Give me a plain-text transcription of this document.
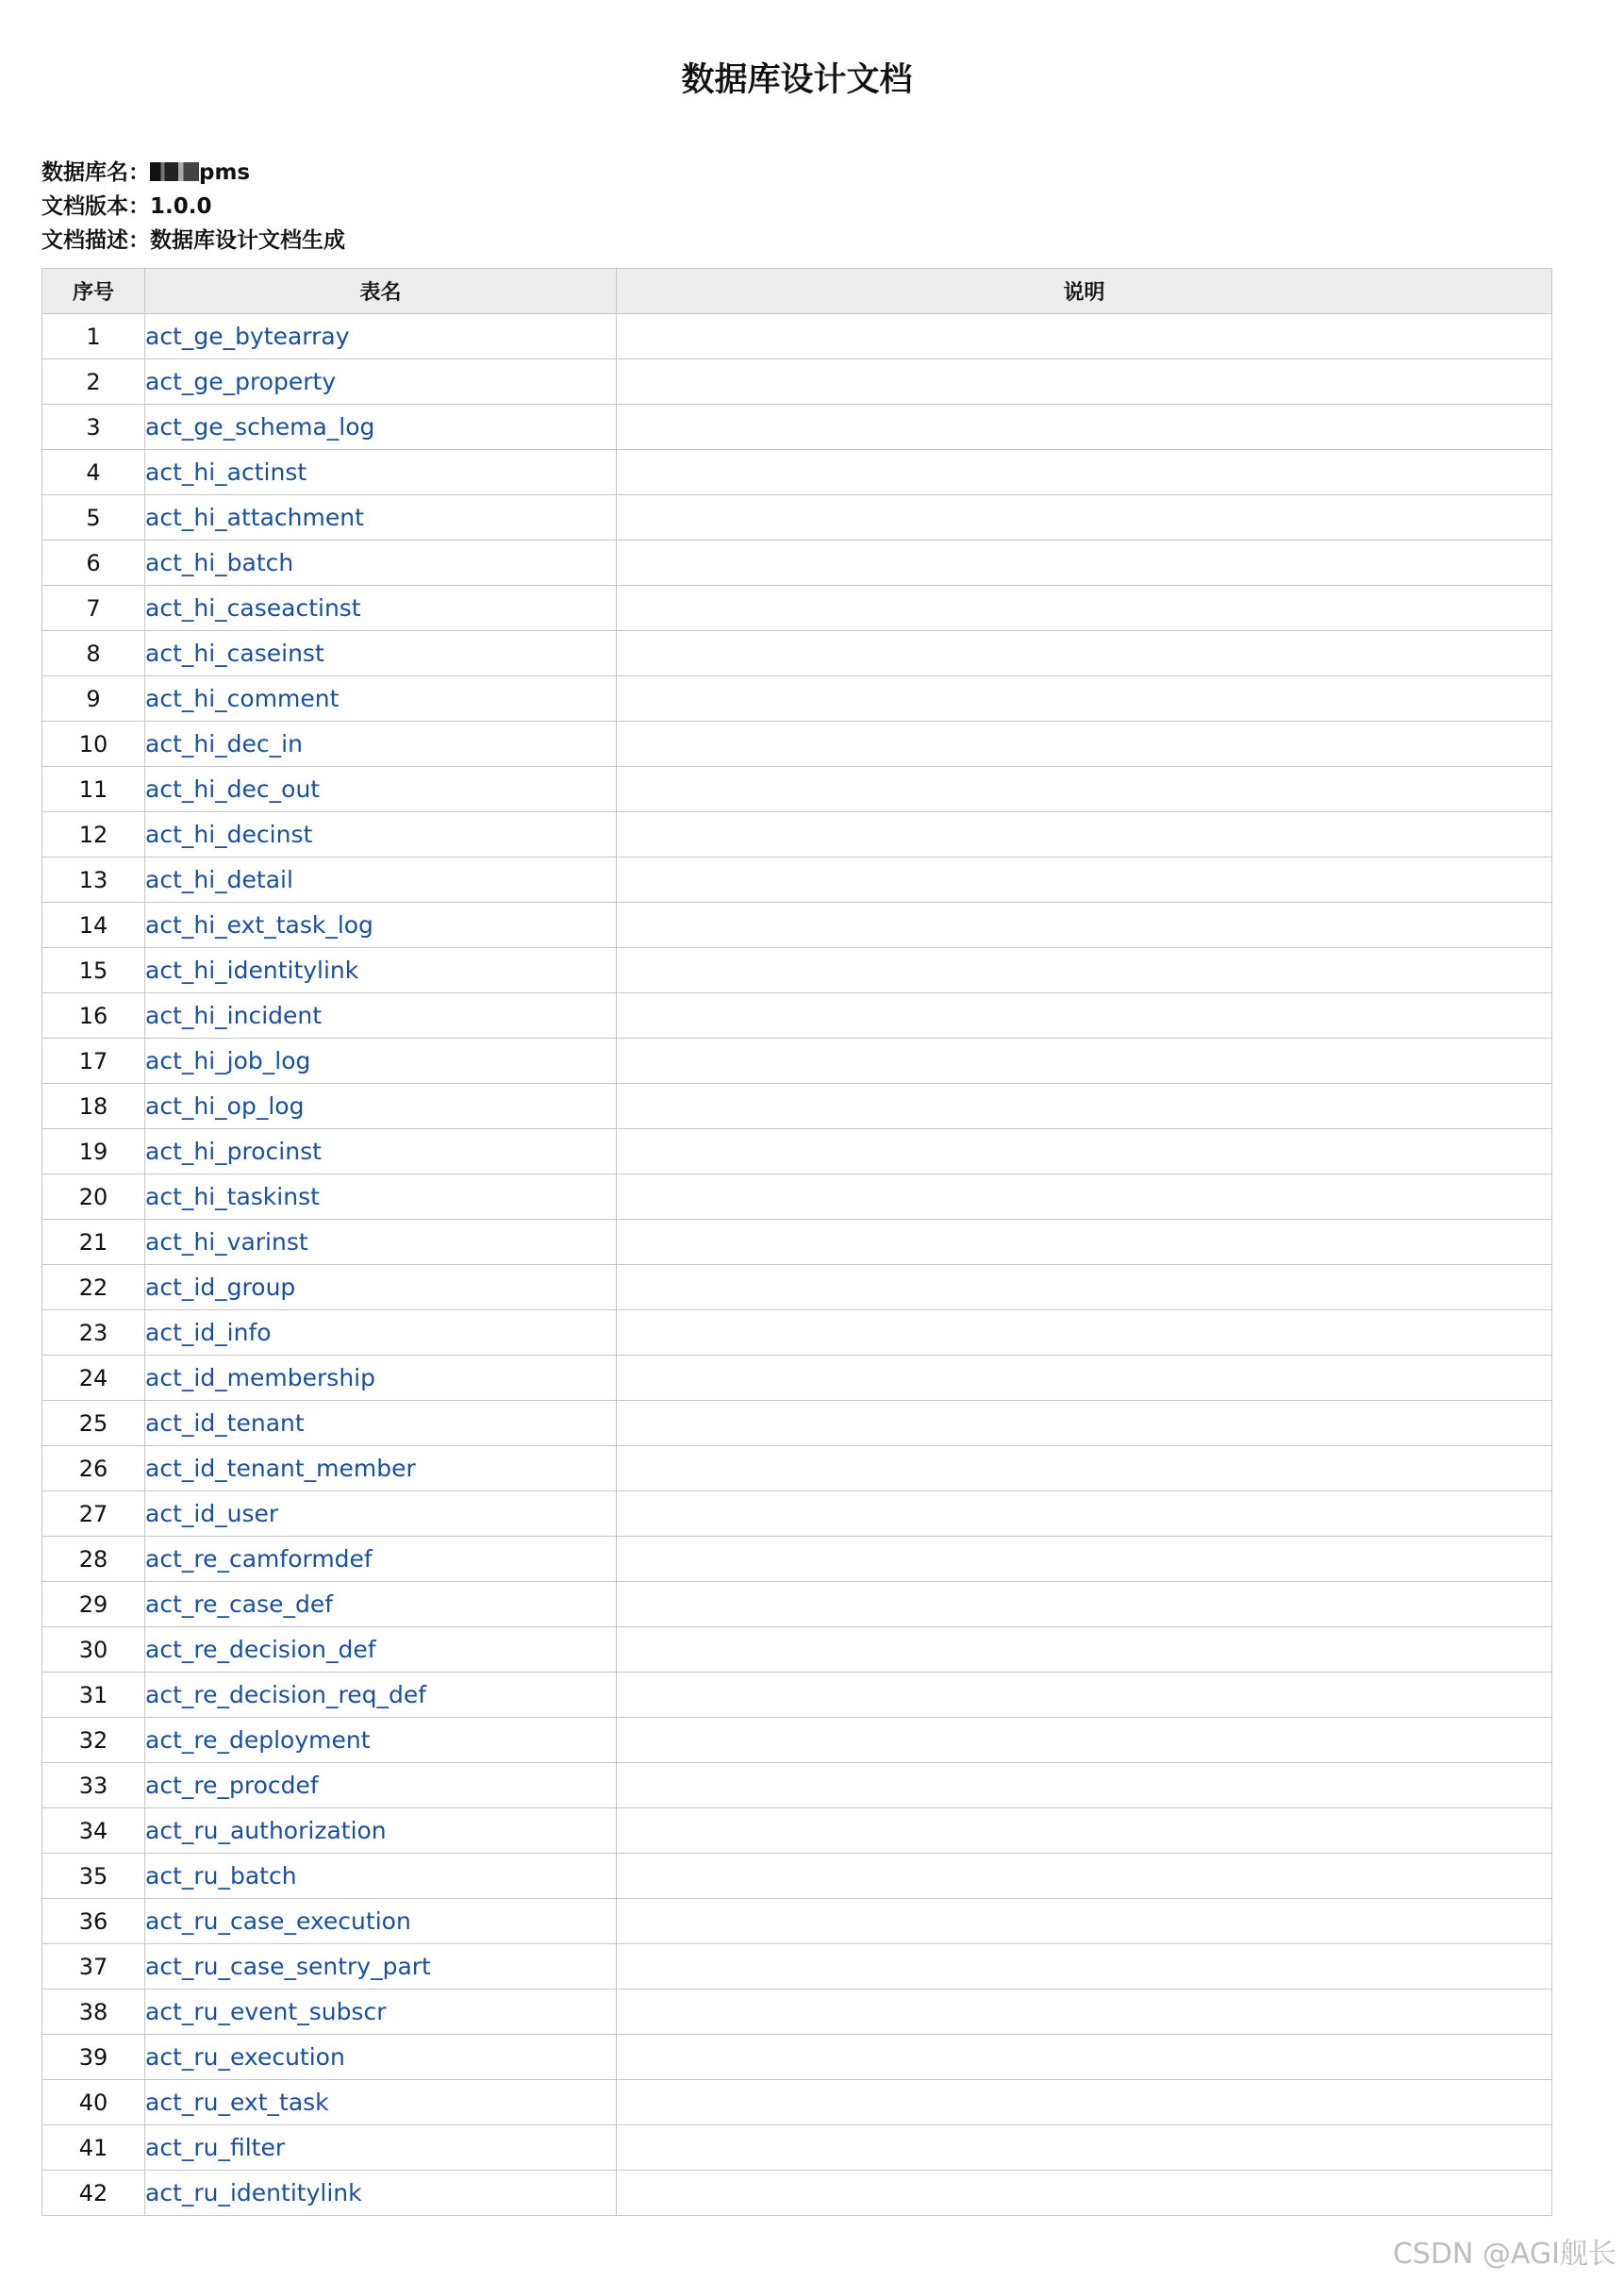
数据库设计文档
数据库名： pms
文档版本：1.0.0
文档描述：数据库设计文档生成
序号	表名	说明
1	act_ge_bytearray	
2	act_ge_property	
3	act_ge_schema_log	
4	act_hi_actinst	
5	act_hi_attachment	
6	act_hi_batch	
7	act_hi_caseactinst	
8	act_hi_caseinst	
9	act_hi_comment	
10	act_hi_dec_in	
11	act_hi_dec_out	
12	act_hi_decinst	
13	act_hi_detail	
14	act_hi_ext_task_log	
15	act_hi_identitylink	
16	act_hi_incident	
17	act_hi_job_log	
18	act_hi_op_log	
19	act_hi_procinst	
20	act_hi_taskinst	
21	act_hi_varinst	
22	act_id_group	
23	act_id_info	
24	act_id_membership	
25	act_id_tenant	
26	act_id_tenant_member	
27	act_id_user	
28	act_re_camformdef	
29	act_re_case_def	
30	act_re_decision_def	
31	act_re_decision_req_def	
32	act_re_deployment	
33	act_re_procdef	
34	act_ru_authorization	
35	act_ru_batch	
36	act_ru_case_execution	
37	act_ru_case_sentry_part	
38	act_ru_event_subscr	
39	act_ru_execution	
40	act_ru_ext_task	
41	act_ru_filter	
42	act_ru_identitylink	
CSDN @AGI舰长
